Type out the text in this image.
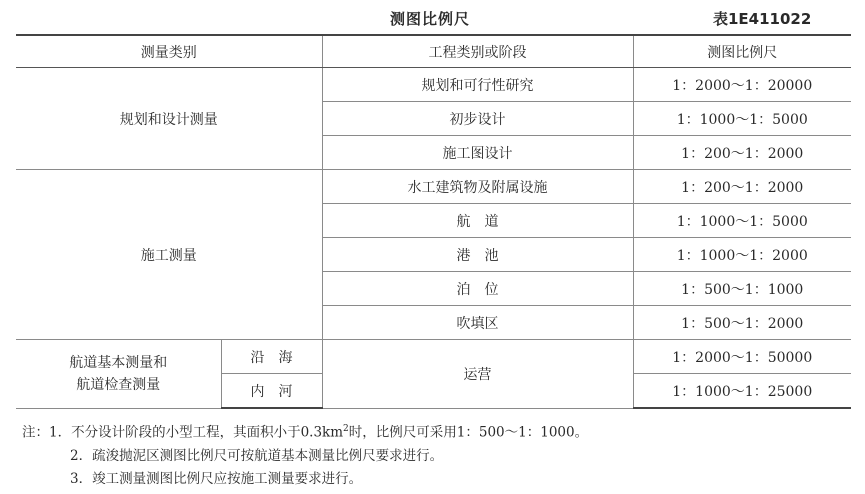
测图比例尺	表1E411022
测量类别		工程类别或阶段	测图比例尺
规划和设计测量		规划和可行性研究	1：2000～1：20000
		初步设计	1：1000～1：5000
		施工图设计	1：200～1：2000
施工测量		水工建筑物及附属设施	1：200～1：2000
		航道	1：1000～1：5000
		港池	1：1000～1：2000
		泊位	1：500～1：1000
		吹填区	1：500～1：2000

航道基本测量和
航道检查测量	沿　海	运营	1：2000～1：50000
	内　河		1：1000～1：25000
注：1．不分设计阶段的小型工程，其面积小于$0.3km^2$时，比例尺可采用1：500～1：1000。
2．疏浚抛泥区测图比例尺可按航道基本测量比例尺要求进行。
3．竣工测量测图比例尺应按施工测量要求进行。
